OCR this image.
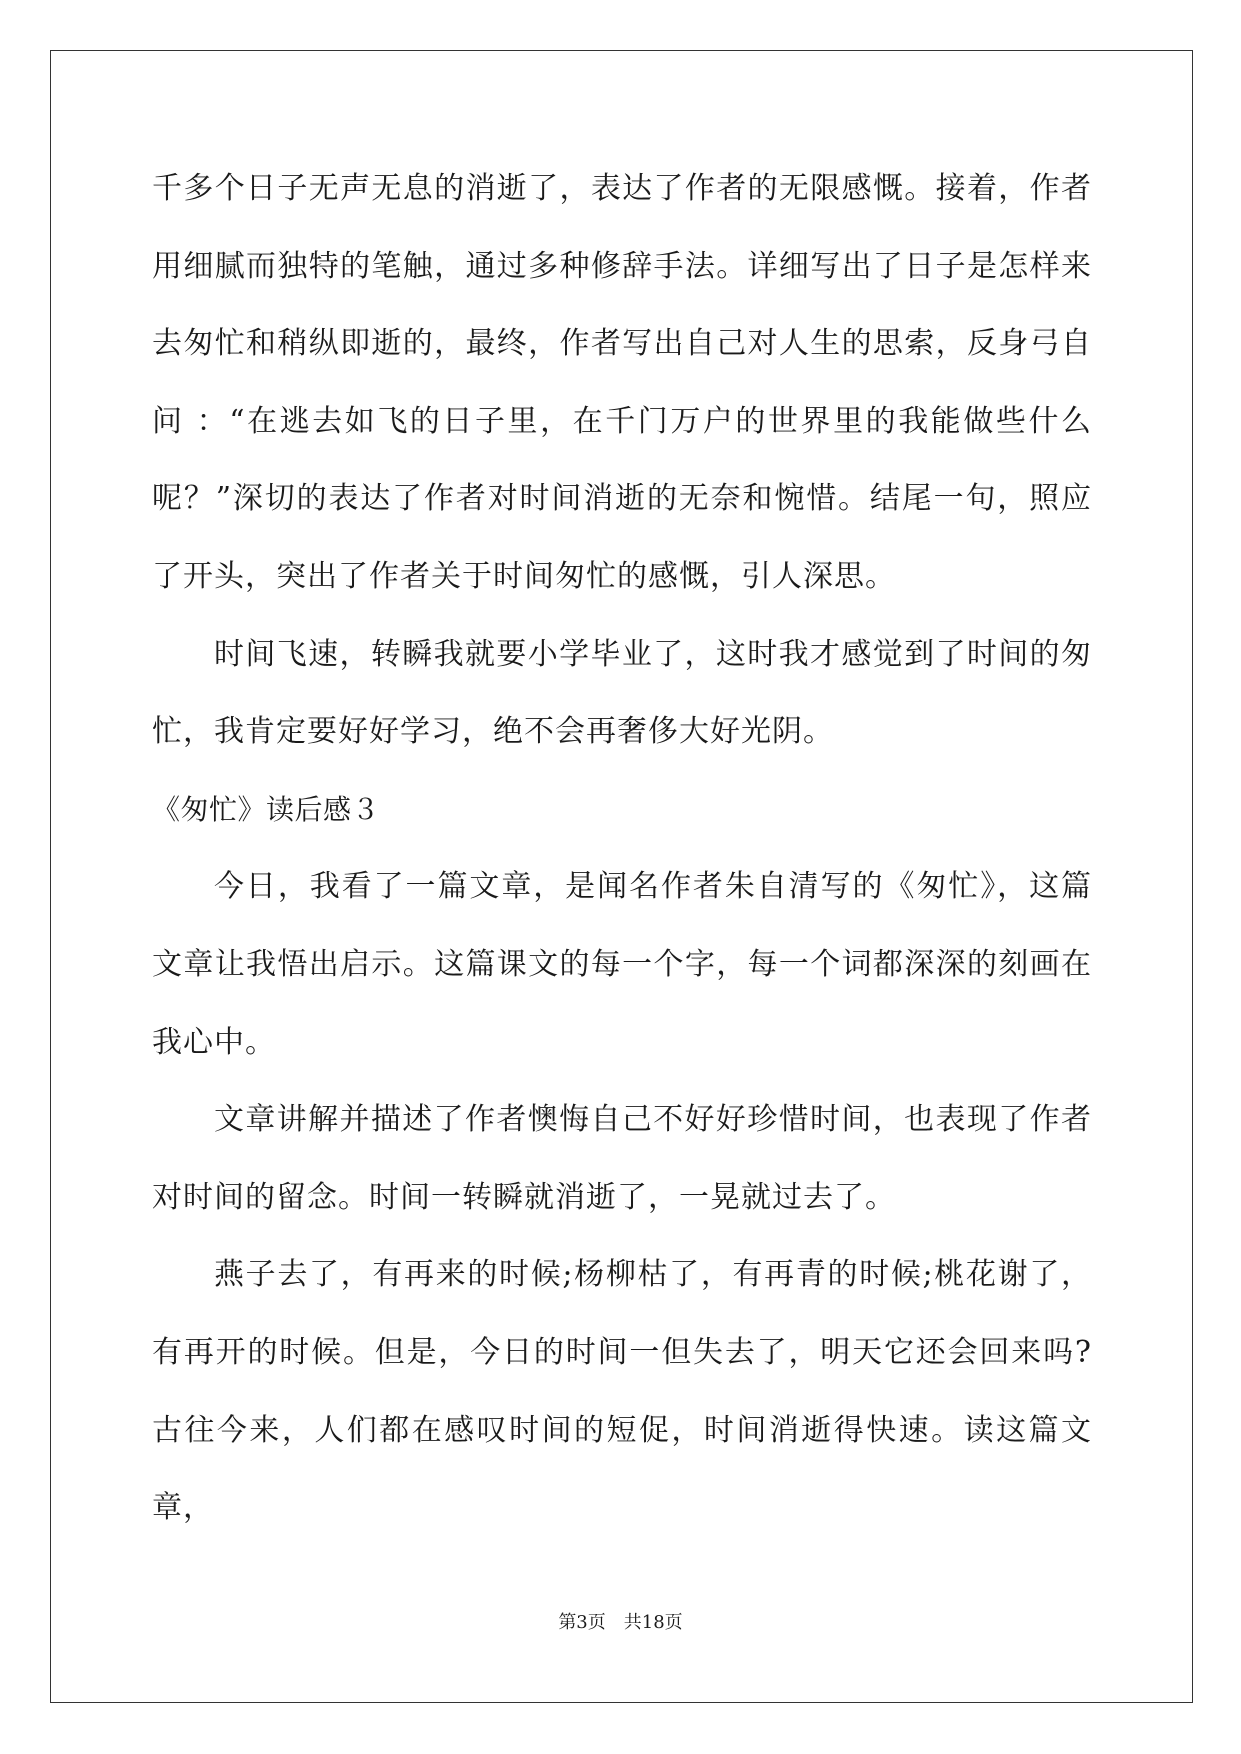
千多个日子无声无息的消逝了，表达了作者的无限感慨。接着，作者用细腻而独特的笔触，通过多种修辞手法。详细写出了日子是怎样来去匆忙和稍纵即逝的，最终，作者写出自己对人生的思索，反身弓自问 ：“在逃去如飞的日子里，在千门万户的世界里的我能做些什么呢？”深切的表达了作者对时间消逝的无奈和惋惜。结尾一句，照应了开头，突出了作者关于时间匆忙的感慨，引人深思。

时间飞速，转瞬我就要小学毕业了，这时我才感觉到了时间的匆忙，我肯定要好好学习，绝不会再奢侈大好光阴。

《匆忙》读后感３

今日，我看了一篇文章，是闻名作者朱自清写的《匆忙》，这篇文章让我悟出启示。这篇课文的每一个字，每一个词都深深的刻画在我心中。

文章讲解并描述了作者懊悔自己不好好珍惜时间，也表现了作者对时间的留念。时间一转瞬就消逝了，一晃就过去了。

燕子去了，有再来的时候;杨柳枯了，有再青的时候;桃花谢了，有再开的时候。但是，今日的时间一但失去了，明天它还会回来吗?古往今来，人们都在感叹时间的短促，时间消逝得快速。读这篇文章，

第3页　共18页
